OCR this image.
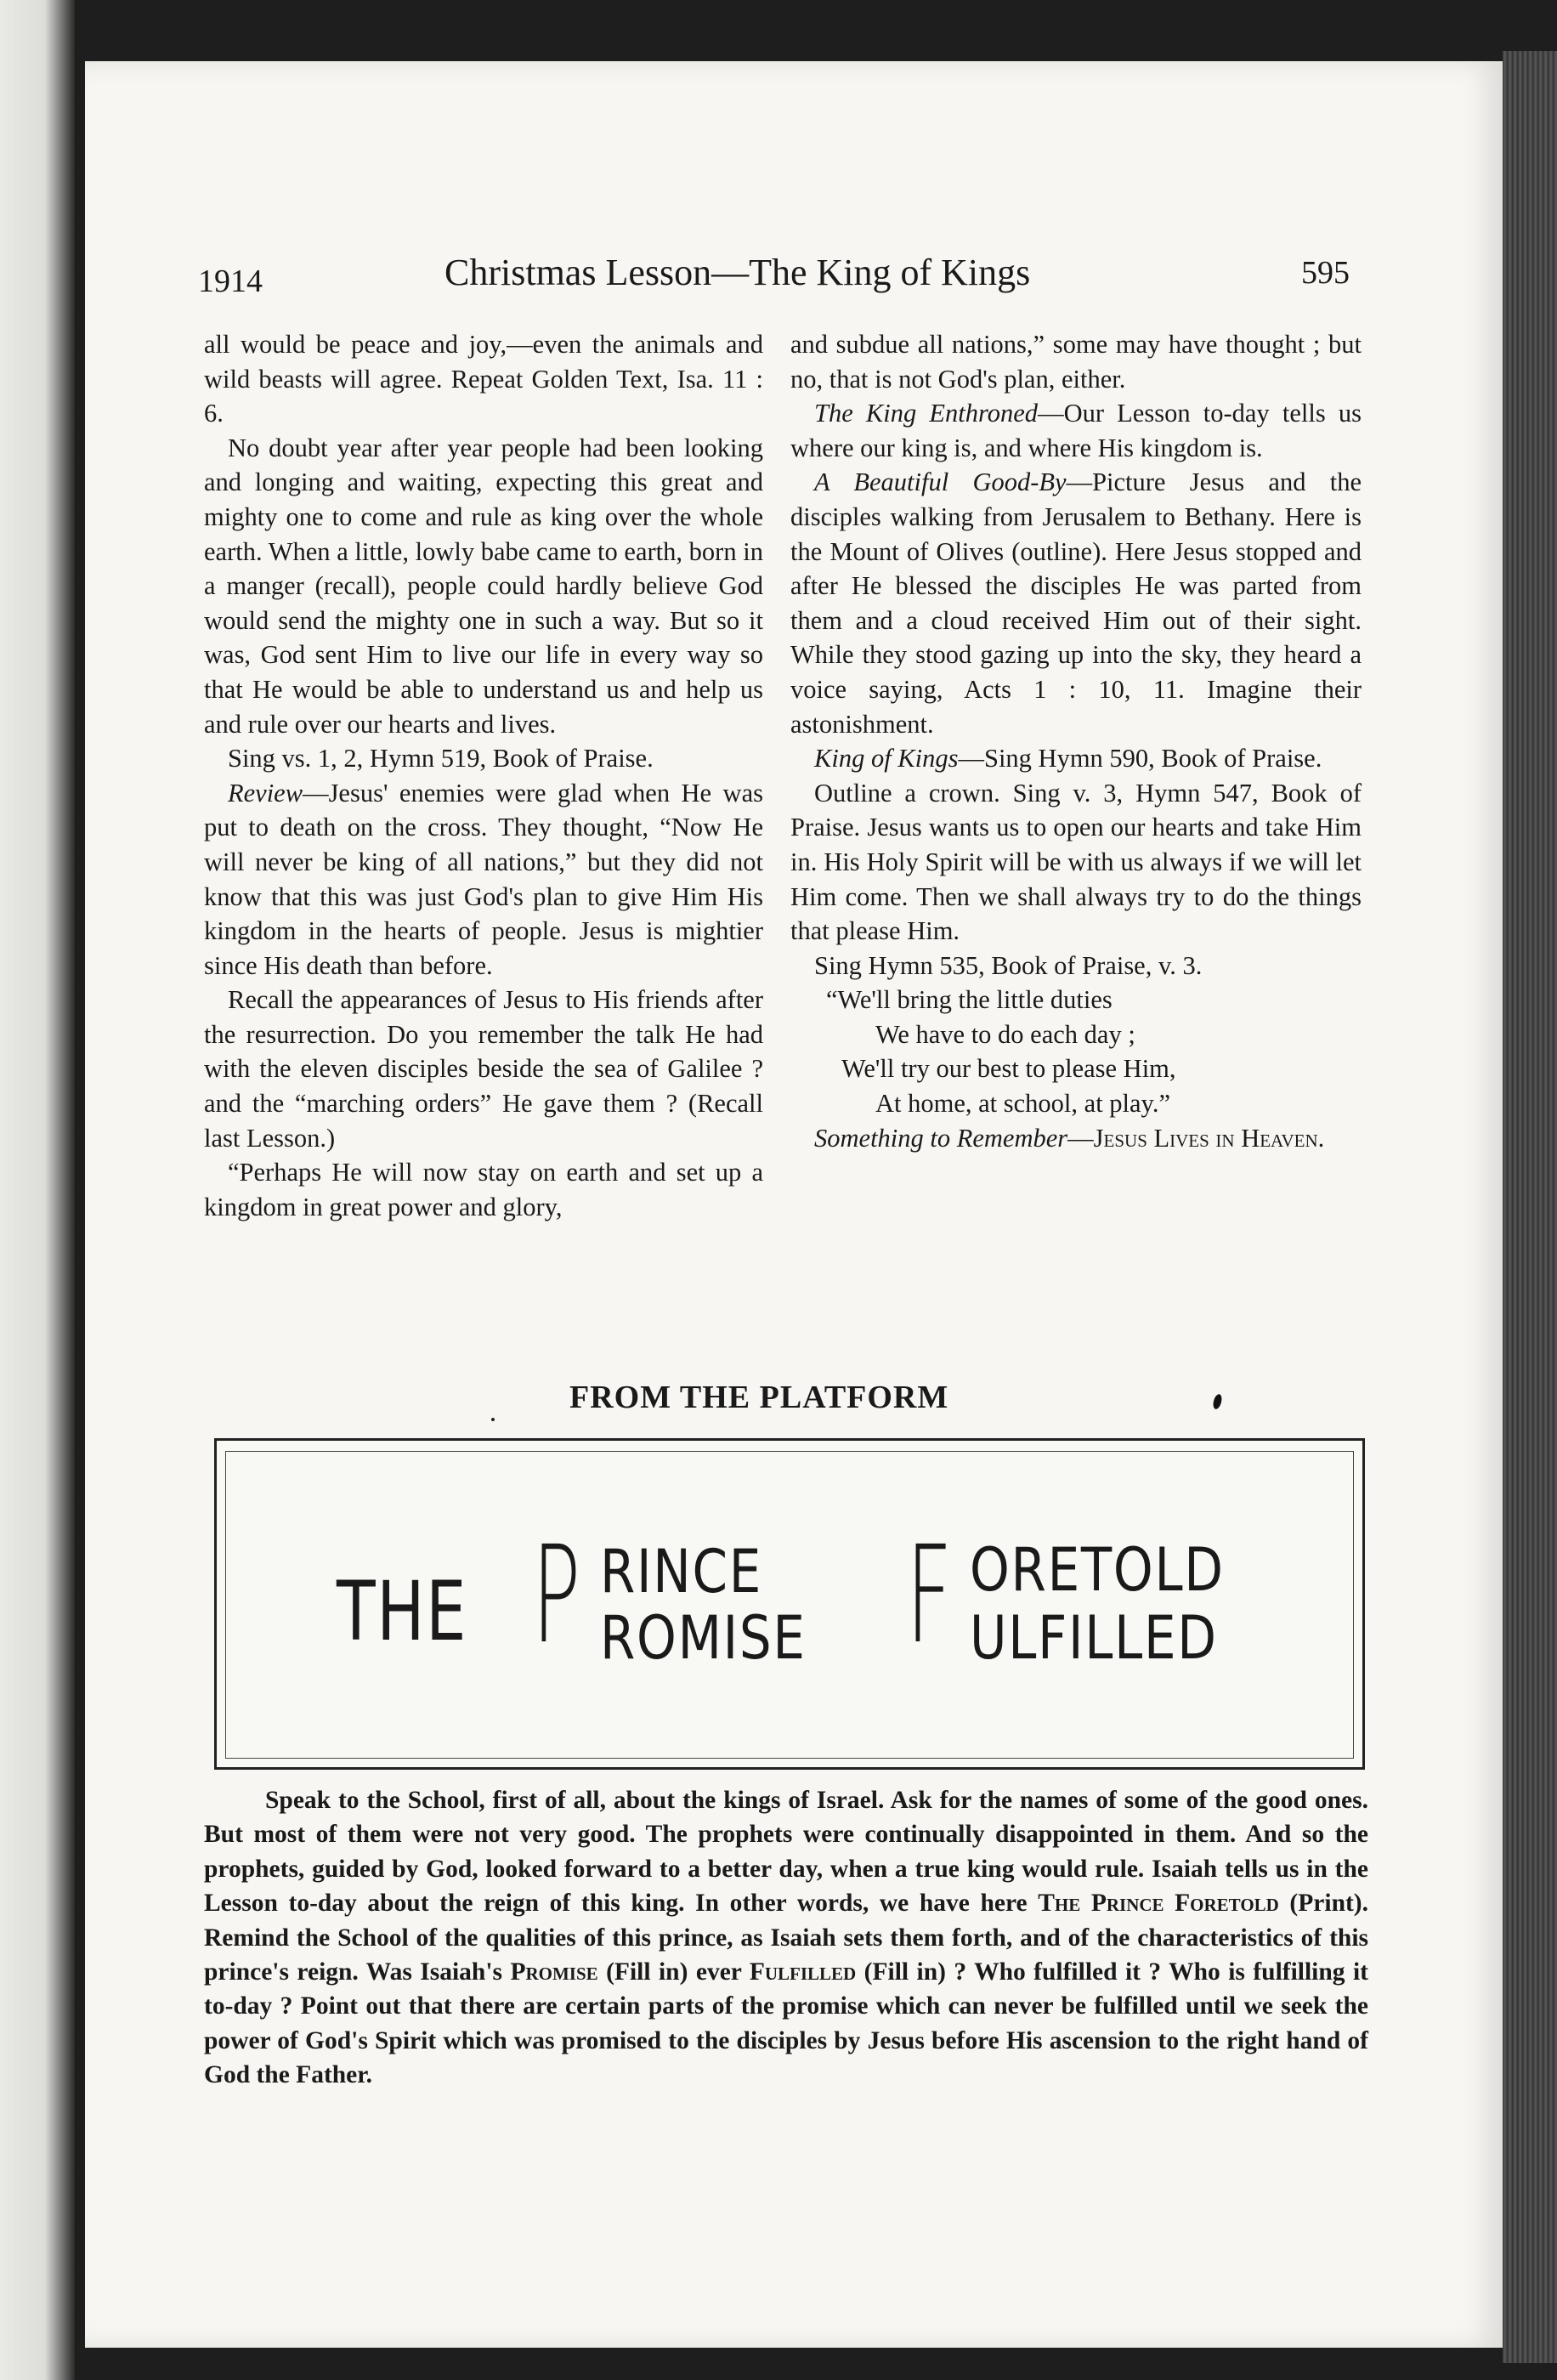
1914	Christmas Lesson—The King of Kings	595

all would be peace and joy,—even the animals and wild beasts will agree. Repeat Golden Text, Isa. 11 : 6.

No doubt year after year people had been looking and longing and waiting, expecting this great and mighty one to come and rule as king over the whole earth. When a little, lowly babe came to earth, born in a manger (recall), people could hardly believe God would send the mighty one in such a way. But so it was, God sent Him to live our life in every way so that He would be able to understand us and help us and rule over our hearts and lives.

Sing vs. 1, 2, Hymn 519, Book of Praise.

Review—Jesus' enemies were glad when He was put to death on the cross. They thought, “Now He will never be king of all nations,” but they did not know that this was just God's plan to give Him His kingdom in the hearts of people. Jesus is mightier since His death than before.

Recall the appearances of Jesus to His friends after the resurrection. Do you remember the talk He had with the eleven disciples beside the sea of Galilee ? and the “marching orders” He gave them ? (Recall last Lesson.)

“Perhaps He will now stay on earth and set up a kingdom in great power and glory,

and subdue all nations,” some may have thought ; but no, that is not God's plan, either.

The King Enthroned—Our Lesson to-day tells us where our king is, and where His kingdom is.

A Beautiful Good-By—Picture Jesus and the disciples walking from Jerusalem to Bethany. Here is the Mount of Olives (outline). Here Jesus stopped and after He blessed the disciples He was parted from them and a cloud received Him out of their sight. While they stood gazing up into the sky, they heard a voice saying, Acts 1 : 10, 11. Imagine their astonishment.

King of Kings—Sing Hymn 590, Book of Praise.

Outline a crown. Sing v. 3, Hymn 547, Book of Praise. Jesus wants us to open our hearts and take Him in. His Holy Spirit will be with us always if we will let Him come. Then we shall always try to do the things that please Him.

Sing Hymn 535, Book of Praise, v. 3.

“We'll bring the little duties
We have to do each day ;
We'll try our best to please Him,
At home, at school, at play.”

Something to Remember—Jesus Lives in Heaven.

FROM THE PLATFORM
THE P RINCE
ROMISE F ORETOLD
ULFILLED

Speak to the School, first of all, about the kings of Israel. Ask for the names of some of the good ones. But most of them were not very good. The prophets were continually disappointed in them. And so the prophets, guided by God, looked forward to a better day, when a true king would rule. Isaiah tells us in the Lesson to-day about the reign of this king. In other words, we have here The Prince Foretold (Print). Remind the School of the qualities of this prince, as Isaiah sets them forth, and of the characteristics of this prince's reign. Was Isaiah's Promise (Fill in) ever Fulfilled (Fill in) ? Who fulfilled it ? Who is fulfilling it to-day ? Point out that there are certain parts of the promise which can never be fulfilled until we seek the power of God's Spirit which was promised to the disciples by Jesus before His ascension to the right hand of God the Father.
